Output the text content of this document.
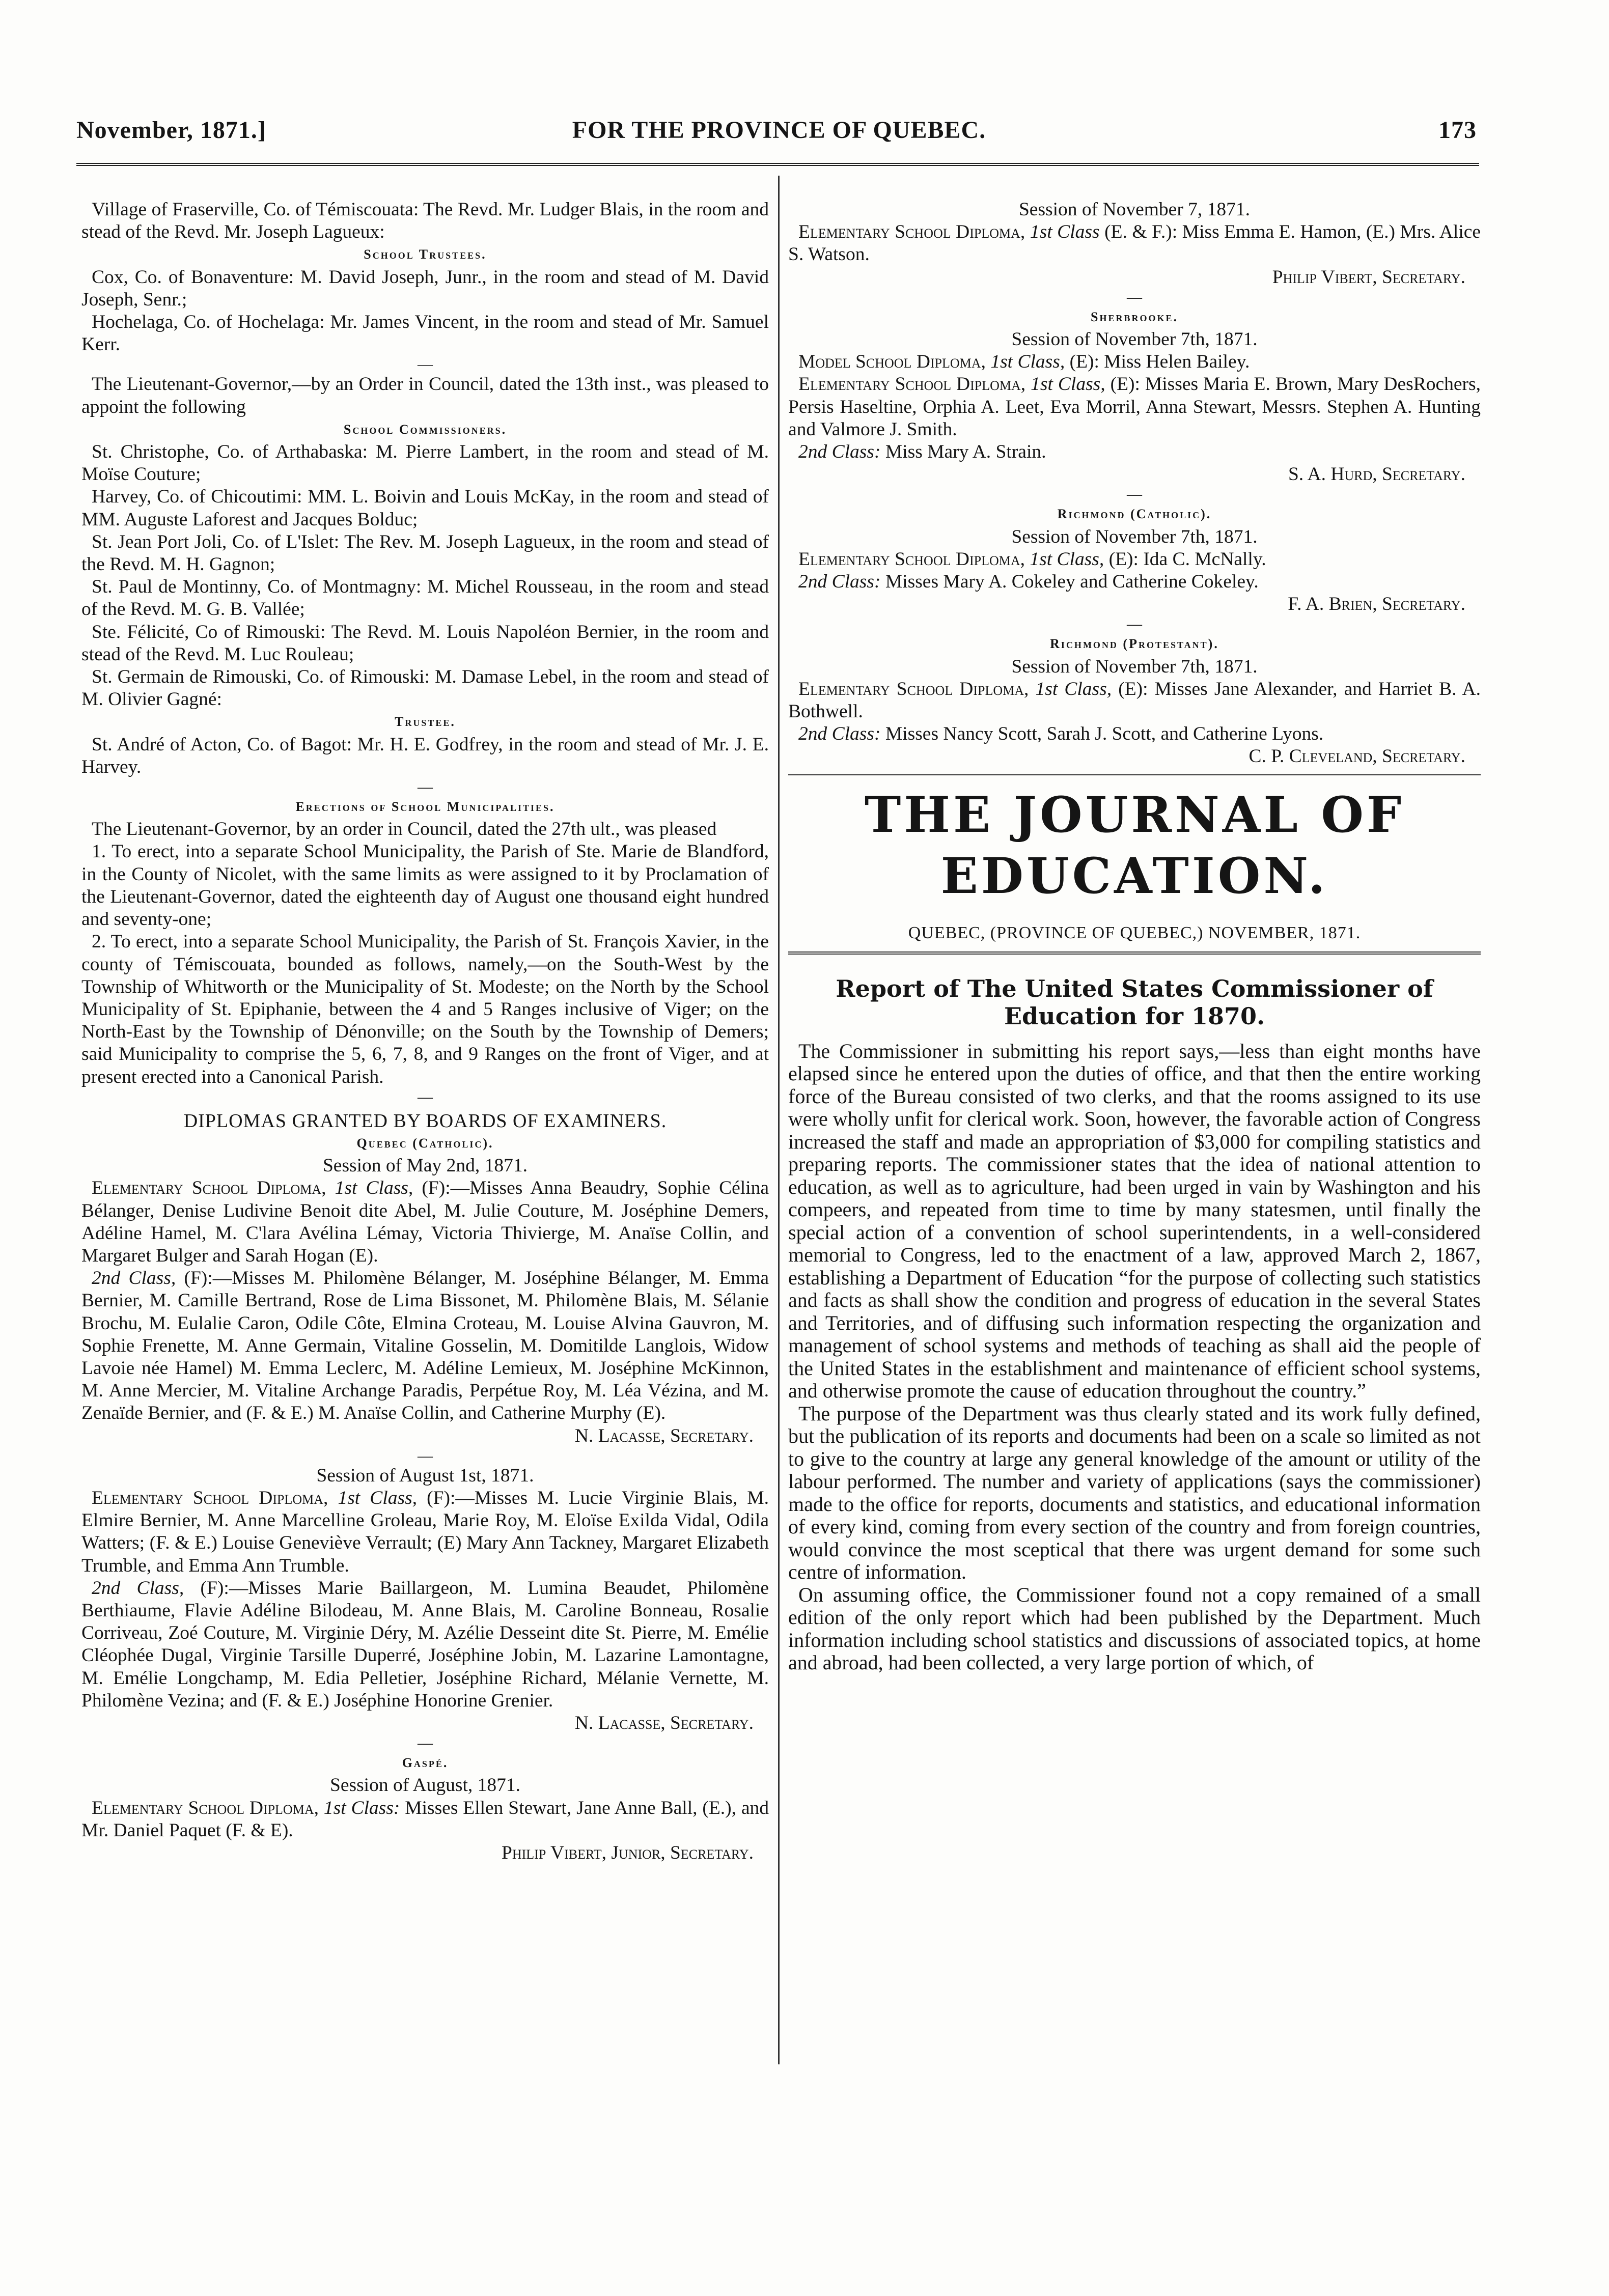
November, 1871.]	FOR THE PROVINCE OF QUEBEC.	173

Village of Fraserville, Co. of Témiscouata: The Revd. Mr. Ludger Blais, in the room and stead of the Revd. Mr. Joseph Lagueux:

School Trustees.

Cox, Co. of Bonaventure: M. David Joseph, Junr., in the room and stead of M. David Joseph, Senr.;

Hochelaga, Co. of Hochelaga: Mr. James Vincent, in the room and stead of Mr. Samuel Kerr.

—

The Lieutenant-Governor,—by an Order in Council, dated the 13th inst., was pleased to appoint the following

School Commissioners.

St. Christophe, Co. of Arthabaska: M. Pierre Lambert, in the room and stead of M. Moïse Couture;

Harvey, Co. of Chicoutimi: MM. L. Boivin and Louis McKay, in the room and stead of MM. Auguste Laforest and Jacques Bolduc;

St. Jean Port Joli, Co. of L'Islet: The Rev. M. Joseph Lagueux, in the room and stead of the Revd. M. H. Gagnon;

St. Paul de Montinny, Co. of Montmagny: M. Michel Rousseau, in the room and stead of the Revd. M. G. B. Vallée;

Ste. Félicité, Co of Rimouski: The Revd. M. Louis Napoléon Bernier, in the room and stead of the Revd. M. Luc Rouleau;

St. Germain de Rimouski, Co. of Rimouski: M. Damase Lebel, in the room and stead of M. Olivier Gagné:

Trustee.

St. André of Acton, Co. of Bagot: Mr. H. E. Godfrey, in the room and stead of Mr. J. E. Harvey.

—

Erections of School Municipalities.

The Lieutenant-Governor, by an order in Council, dated the 27th ult., was pleased

1. To erect, into a separate School Municipality, the Parish of Ste. Marie de Blandford, in the County of Nicolet, with the same limits as were assigned to it by Proclamation of the Lieutenant-Governor, dated the eighteenth day of August one thousand eight hundred and seventy-one;

2. To erect, into a separate School Municipality, the Parish of St. François Xavier, in the county of Témiscouata, bounded as follows, namely,—on the South-West by the Township of Whitworth or the Municipality of St. Modeste; on the North by the School Municipality of St. Epiphanie, between the 4 and 5 Ranges inclusive of Viger; on the North-East by the Township of Dénonville; on the South by the Township of Demers; said Municipality to comprise the 5, 6, 7, 8, and 9 Ranges on the front of Viger, and at present erected into a Canonical Parish.

—

DIPLOMAS GRANTED BY BOARDS OF EXAMINERS.

Quebec (Catholic).

Session of May 2nd, 1871.

Elementary School Diploma, 1st Class, (F):—Misses Anna Beaudry, Sophie Célina Bélanger, Denise Ludivine Benoit dite Abel, M. Julie Couture, M. Joséphine Demers, Adéline Hamel, M. C'lara Avélina Lémay, Victoria Thivierge, M. Anaïse Collin, and Margaret Bulger and Sarah Hogan (E).

2nd Class, (F):—Misses M. Philomène Bélanger, M. Joséphine Bélanger, M. Emma Bernier, M. Camille Bertrand, Rose de Lima Bissonet, M. Philomène Blais, M. Sélanie Brochu, M. Eulalie Caron, Odile Côte, Elmina Croteau, M. Louise Alvina Gauvron, M. Sophie Frenette, M. Anne Germain, Vitaline Gosselin, M. Domitilde Langlois, Widow Lavoie née Hamel) M. Emma Leclerc, M. Adéline Lemieux, M. Joséphine McKinnon, M. Anne Mercier, M. Vitaline Archange Paradis, Perpétue Roy, M. Léa Vézina, and M. Zenaïde Bernier, and (F. & E.) M. Anaïse Collin, and Catherine Murphy (E).

N. Lacasse, Secretary.

—

Session of August 1st, 1871.

Elementary School Diploma, 1st Class, (F):—Misses M. Lucie Virginie Blais, M. Elmire Bernier, M. Anne Marcelline Groleau, Marie Roy, M. Eloïse Exilda Vidal, Odila Watters; (F. & E.) Louise Geneviève Verrault; (E) Mary Ann Tackney, Margaret Elizabeth Trumble, and Emma Ann Trumble.

2nd Class, (F):—Misses Marie Baillargeon, M. Lumina Beaudet, Philomène Berthiaume, Flavie Adéline Bilodeau, M. Anne Blais, M. Caroline Bonneau, Rosalie Corriveau, Zoé Couture, M. Virginie Déry, M. Azélie Desseint dite St. Pierre, M. Emélie Cléophée Dugal, Virginie Tarsille Duperré, Joséphine Jobin, M. Lazarine Lamontagne, M. Emélie Longchamp, M. Edia Pelletier, Joséphine Richard, Mélanie Vernette, M. Philomène Vezina; and (F. & E.) Joséphine Honorine Grenier.

N. Lacasse, Secretary.

—

Gaspé.

Session of August, 1871.

Elementary School Diploma, 1st Class: Misses Ellen Stewart, Jane Anne Ball, (E.), and Mr. Daniel Paquet (F. & E).

Philip Vibert, Junior, Secretary.

Session of November 7, 1871.

Elementary School Diploma, 1st Class (E. & F.): Miss Emma E. Hamon, (E.) Mrs. Alice S. Watson.

Philip Vibert, Secretary.

—

Sherbrooke.

Session of November 7th, 1871.

Model School Diploma, 1st Class, (E): Miss Helen Bailey.

Elementary School Diploma, 1st Class, (E): Misses Maria E. Brown, Mary DesRochers, Persis Haseltine, Orphia A. Leet, Eva Morril, Anna Stewart, Messrs. Stephen A. Hunting and Valmore J. Smith.

2nd Class: Miss Mary A. Strain.

S. A. Hurd, Secretary.

—

Richmond (Catholic).

Session of November 7th, 1871.

Elementary School Diploma, 1st Class, (E): Ida C. McNally.

2nd Class: Misses Mary A. Cokeley and Catherine Cokeley.

F. A. Brien, Secretary.

—

Richmond (Protestant).

Session of November 7th, 1871.

Elementary School Diploma, 1st Class, (E): Misses Jane Alexander, and Harriet B. A. Bothwell.

2nd Class: Misses Nancy Scott, Sarah J. Scott, and Catherine Lyons.

C. P. Cleveland, Secretary.

THE JOURNAL OF EDUCATION.
QUEBEC, (PROVINCE OF QUEBEC,) NOVEMBER, 1871.
Report of The United States Commissioner of Education for 1870.

The Commissioner in submitting his report says,—less than eight months have elapsed since he entered upon the duties of office, and that then the entire working force of the Bureau consisted of two clerks, and that the rooms assigned to its use were wholly unfit for clerical work. Soon, however, the favorable action of Congress increased the staff and made an appropriation of $3,000 for compiling statistics and preparing reports. The commissioner states that the idea of national attention to education, as well as to agriculture, had been urged in vain by Washington and his compeers, and repeated from time to time by many statesmen, until finally the special action of a convention of school superintendents, in a well-considered memorial to Congress, led to the enactment of a law, approved March 2, 1867, establishing a Department of Education “for the purpose of collecting such statistics and facts as shall show the condition and progress of education in the several States and Territories, and of diffusing such information respecting the organization and management of school systems and methods of teaching as shall aid the people of the United States in the establishment and maintenance of efficient school systems, and otherwise promote the cause of education throughout the country.”

The purpose of the Department was thus clearly stated and its work fully defined, but the publication of its reports and documents had been on a scale so limited as not to give to the country at large any general knowledge of the amount or utility of the labour performed. The number and variety of applications (says the commissioner) made to the office for reports, documents and statistics, and educational information of every kind, coming from every section of the country and from foreign countries, would convince the most sceptical that there was urgent demand for some such centre of information.

On assuming office, the Commissioner found not a copy remained of a small edition of the only report which had been published by the Department. Much information including school statistics and discussions of associated topics, at home and abroad, had been collected, a very large portion of which, of
